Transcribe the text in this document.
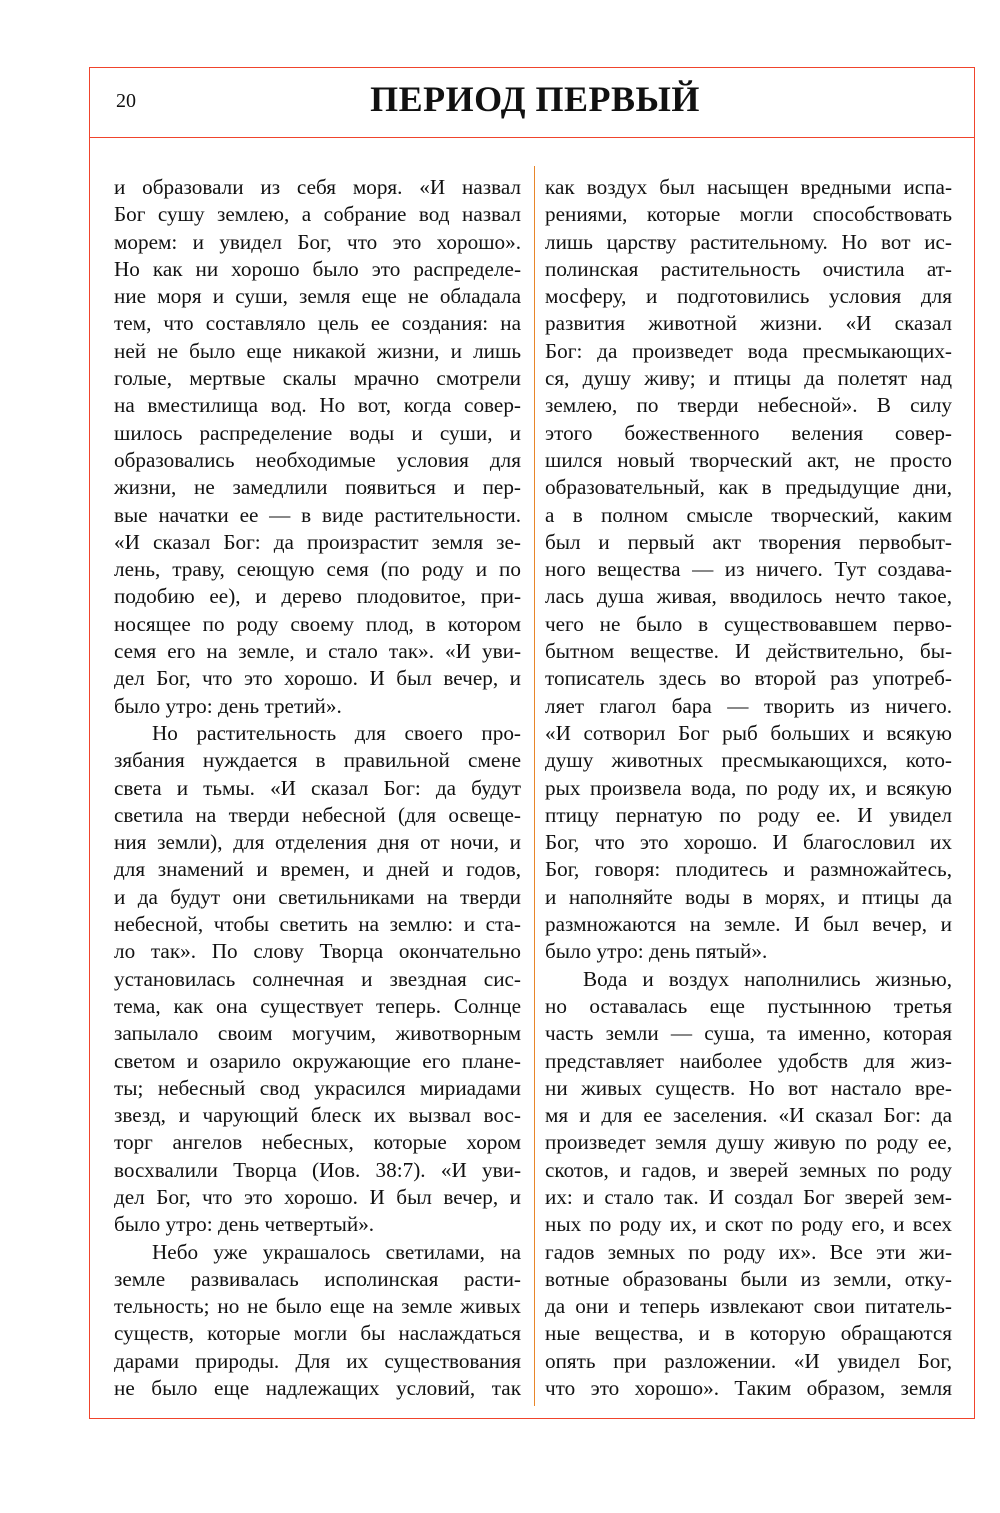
20	ПЕРИОД ПЕРВЫЙ
и образовали из себя моря. «И назвал
Бог сушу землею, а собрание вод назвал
морем: и увидел Бог, что это хорошо».
Но как ни хорошо было это распределе-
ние моря и суши, земля еще не обладала
тем, что составляло цель ее создания: на
ней не было еще никакой жизни, и лишь
голые, мертвые скалы мрачно смотрели
на вместилища вод. Но вот, когда совер-
шилось распределение воды и суши, и
образовались необходимые условия для
жизни, не замедлили появиться и пер-
вые начатки ее — в виде растительности.
«И сказал Бог: да произрастит земля зе-
лень, траву, сеющую семя (по роду и по
подобию ее), и дерево плодовитое, при-
носящее по роду своему плод, в котором
семя его на земле, и стало так». «И уви-
дел Бог, что это хорошо. И был вечер, и
было утро: день третий».
Но растительность для своего про-
зябания нуждается в правильной смене
света и тьмы. «И сказал Бог: да будут
светила на тверди небесной (для освеще-
ния земли), для отделения дня от ночи, и
для знамений и времен, и дней и годов,
и да будут они светильниками на тверди
небесной, чтобы светить на землю: и ста-
ло так». По слову Творца окончательно
установилась солнечная и звездная сис-
тема, как она существует теперь. Солнце
запылало своим могучим, животворным
светом и озарило окружающие его плане-
ты; небесный свод украсился мириадами
звезд, и чарующий блеск их вызвал вос-
торг ангелов небесных, которые хором
восхвалили Творца (Иов. 38:7). «И уви-
дел Бог, что это хорошо. И был вечер, и
было утро: день четвертый».
Небо уже украшалось светилами, на
земле развивалась исполинская расти-
тельность; но не было еще на земле живых
существ, которые могли бы наслаждаться
дарами природы. Для их существования
не было еще надлежащих условий, так
как воздух был насыщен вредными испа-
рениями, которые могли способствовать
лишь царству растительному. Но вот ис-
полинская растительность очистила ат-
мосферу, и подготовились условия для
развития животной жизни. «И сказал
Бог: да произведет вода пресмыкающих-
ся, душу живу; и птицы да полетят над
землею, по тверди небесной». В силу
этого божественного веления совер-
шился новый творческий акт, не просто
образовательный, как в предыдущие дни,
а в полном смысле творческий, каким
был и первый акт творения первобыт-
ного вещества — из ничего. Тут создава-
лась душа живая, вводилось нечто такое,
чего не было в существовавшем перво-
бытном веществе. И действительно, бы-
тописатель здесь во второй раз употреб-
ляет глагол бара — творить из ничего.
«И сотворил Бог рыб больших и всякую
душу животных пресмыкающихся, кото-
рых произвела вода, по роду их, и всякую
птицу пернатую по роду ее. И увидел
Бог, что это хорошо. И благословил их
Бог, говоря: плодитесь и размножайтесь,
и наполняйте воды в морях, и птицы да
размножаются на земле. И был вечер, и
было утро: день пятый».
Вода и воздух наполнились жизнью,
но оставалась еще пустынною третья
часть земли — суша, та именно, которая
представляет наиболее удобств для жиз-
ни живых существ. Но вот настало вре-
мя и для ее заселения. «И сказал Бог: да
произведет земля душу живую по роду ее,
скотов, и гадов, и зверей земных по роду
их: и стало так. И создал Бог зверей зем-
ных по роду их, и скот по роду его, и всех
гадов земных по роду их». Все эти жи-
вотные образованы были из земли, отку-
да они и теперь извлекают свои питатель-
ные вещества, и в которую обращаются
опять при разложении. «И увидел Бог,
что это хорошо». Таким образом, земля
